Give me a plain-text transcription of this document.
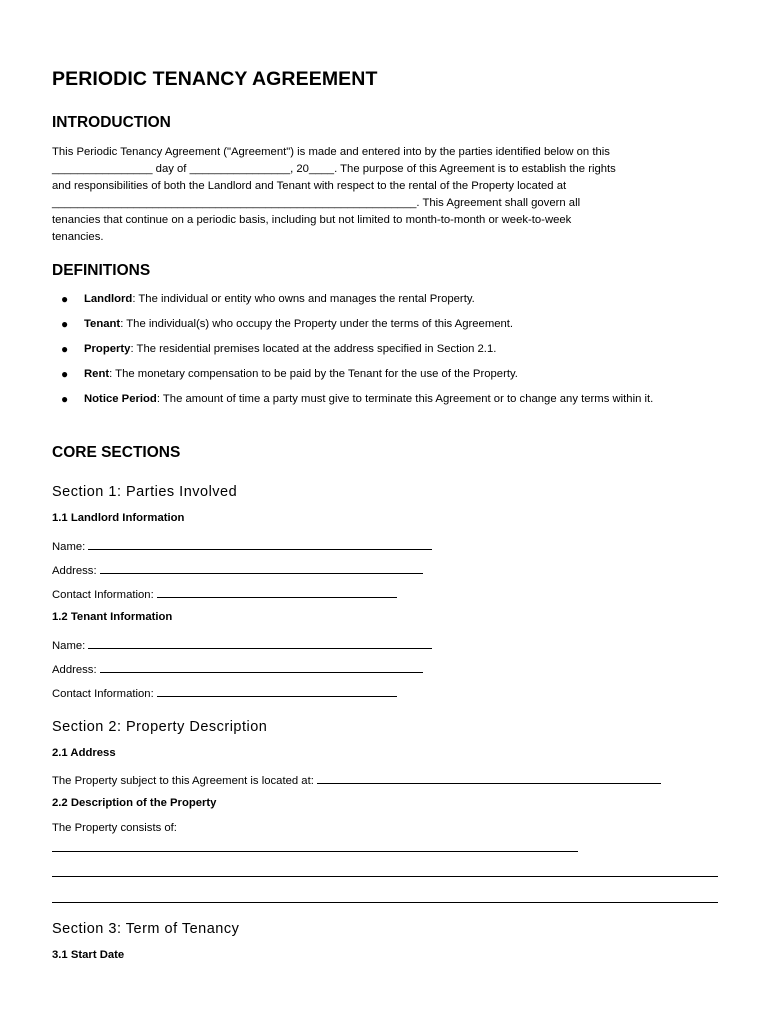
PERIODIC TENANCY AGREEMENT
INTRODUCTION
This Periodic Tenancy Agreement ("Agreement") is made and entered into by the parties identified below on this
________________ day of ________________, 20____. The purpose of this Agreement is to establish the rights
and responsibilities of both the Landlord and Tenant with respect to the rental of the Property located at
__________________________________________________________. This Agreement shall govern all
tenancies that continue on a periodic basis, including but not limited to month-to-month or week-to-week
tenancies.
DEFINITIONS
● Landlord: The individual or entity who owns and manages the rental Property.
● Tenant: The individual(s) who occupy the Property under the terms of this Agreement.
● Property: The residential premises located at the address specified in Section 2.1.
● Rent: The monetary compensation to be paid by the Tenant for the use of the Property.
● Notice Period: The amount of time a party must give to terminate this Agreement or to change any terms within it.
CORE SECTIONS
Section 1: Parties Involved
1.1 Landlord Information
Name:
Address:
Contact Information:
1.2 Tenant Information
Name:
Address:
Contact Information:
Section 2: Property Description
2.1 Address
The Property subject to this Agreement is located at:
2.2 Description of the Property
The Property consists of:
Section 3: Term of Tenancy
3.1 Start Date
